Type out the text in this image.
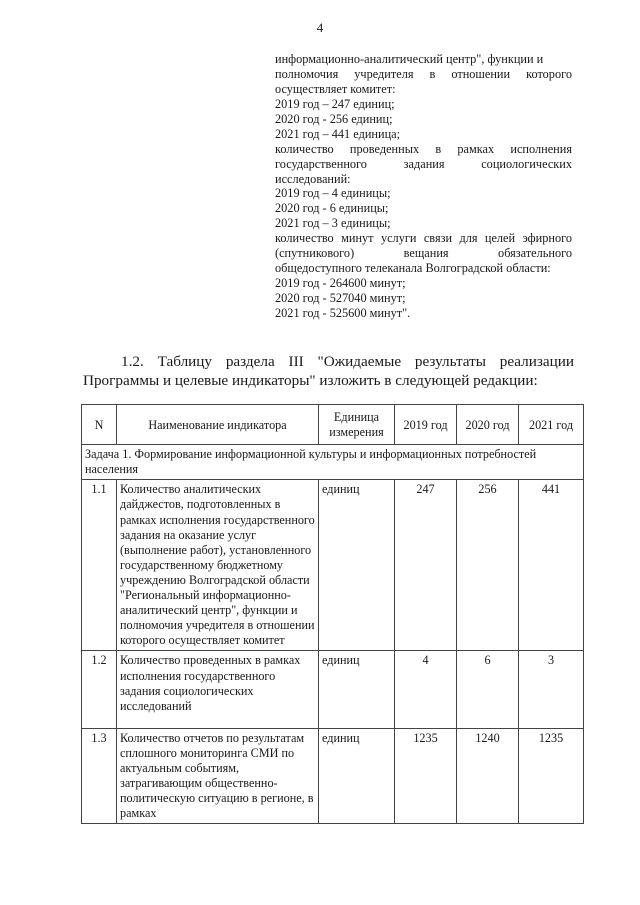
4
информационно-аналитический центр", функции и
полномочия учредителя в отношении которого
осуществляет комитет:
2019 год – 247 единиц;
2020 год - 256 единиц;
2021 год – 441 единица;
количество проведенных в рамках исполнения
государственного задания социологических
исследований:
2019 год – 4 единицы;
2020 год - 6 единицы;
2021 год – 3 единицы;
количество минут услуги связи для целей эфирного
(спутникового) вещания обязательного
общедоступного телеканала Волгоградской области:
2019 год - 264600 минут;
2020 год - 527040 минут;
2021 год - 525600 минут".
1.2. Таблицу раздела III "Ожидаемые результаты реализации
Программы и целевые индикаторы" изложить в следующей редакции:
N	Наименование индикатора	Единица измерения	2019 год	2020 год	2021 год
Задача 1. Формирование информационной культуры и информационных потребностей населения					
1.1	Количество аналитических дайджестов, подготовленных в рамках исполнения государственного задания на оказание услуг (выполнение работ), установленного государственному бюджетному учреждению Волгоградской области "Региональный информационно-аналитический центр", функции и полномочия учредителя в отношении которого осуществляет комитет	единиц	247	256	441
1.2	Количество проведенных в рамках исполнения государственного задания социологических исследований	единиц	4	6	3
1.3	Количество отчетов по результатам сплошного мониторинга СМИ по актуальным событиям, затрагивающим общественно-политическую ситуацию в регионе, в рамках	единиц	1235	1240	1235
